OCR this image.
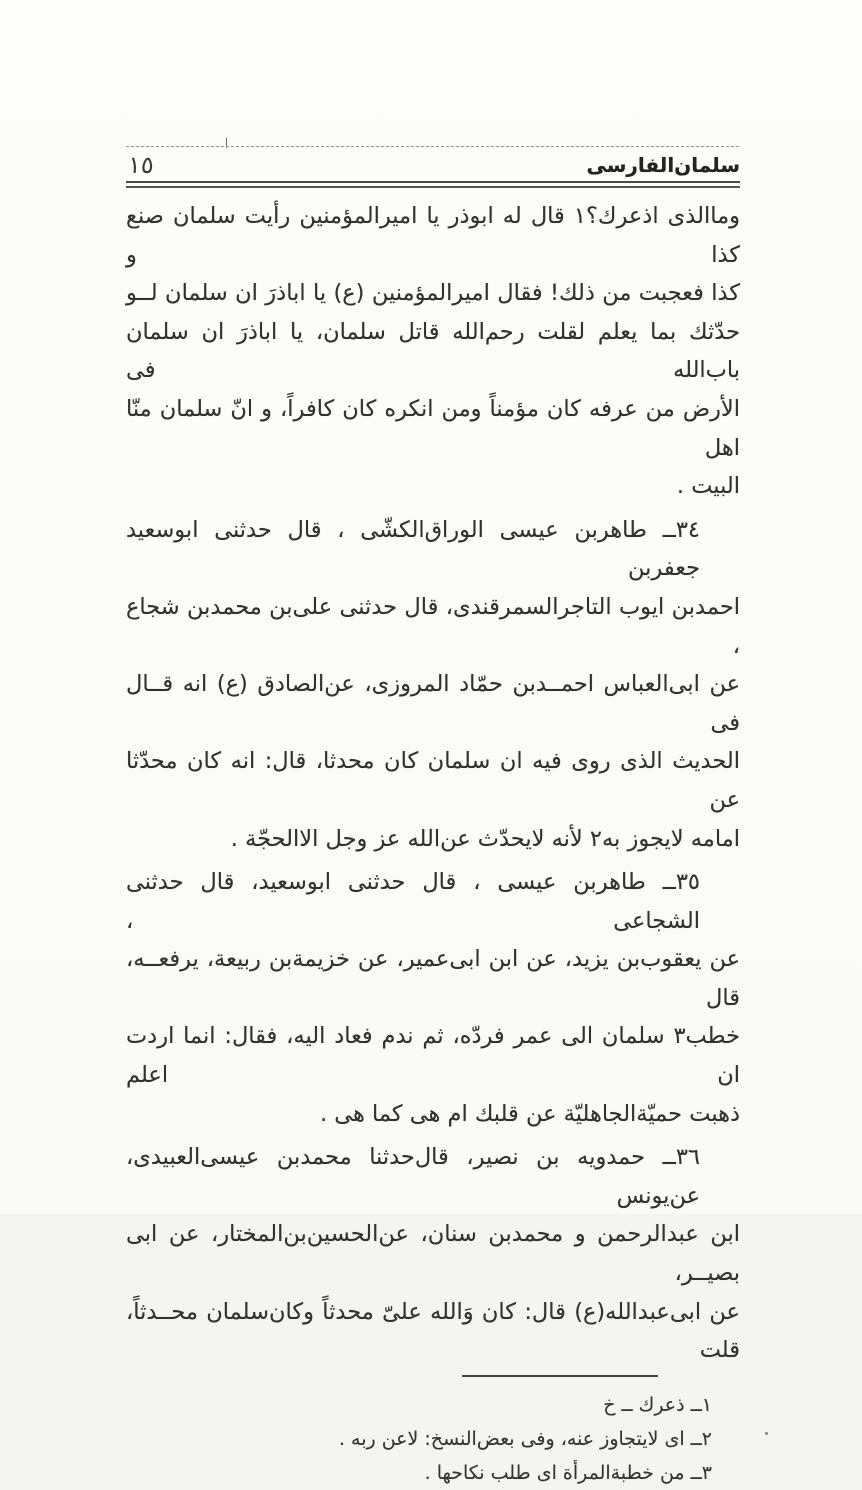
١٥	سلمان‌الفارسى
وماالذى اذعرك؟١ قال له ابوذر يا اميرالمؤمنين رأيت سلمان صنع كذا و
كذا فعجبت من ذلك! فقال اميرالمؤمنين (ع) يا اباذرَ ان سلمان لــو
حدّثك بما يعلم لقلت رحم‌الله قاتل سلمان، يا اباذرَ ان سلمان باب‌الله فى
الأرض من عرفه كان مؤمناً ومن انكره كان كافراً، و انّ سلمان منّا اهل
البيت .
٣٤ــ طاهربن عيسى الوراق‌الكشّى ، قال حدثنى ابوسعيد جعفربن
احمدبن ايوب التاجرالسمرقندى، قال حدثنى على‌بن محمدبن شجاع ،
عن ابى‌العباس احمــدبن حمّاد المروزى، عن‌الصادق (ع) انه قــال فى
الحديث الذى روى فيه ان سلمان كان محدثا، قال: انه كان محدّثا عن
امامه لايجوز به٢ لأنه لايحدّث عن‌الله عز وجل الاالحجّة .
٣٥ــ طاهربن عيسى ، قال حدثنى ابوسعيد، قال حدثنى الشجاعى ،
عن يعقوب‌بن يزيد، عن ابن ابى‌عمير، عن خزيمة‌بن ربيعة، يرفعــه، قال
خطب٣ سلمان الى عمر فردّه، ثم ندم فعاد اليه، فقال: انما اردت ان اعلم
ذهبت حميّة‌الجاهليّة عن قلبك ام هى كما هى .
٣٦ــ حمدويه بن نصير، قال‌حدثنا محمدبن عيسى‌العبيدى، عن‌يونس
ابن عبدالرحمن و محمدبن سنان، عن‌الحسين‌بن‌المختار، عن ابى بصيــر،
عن ابى‌عبدالله(ع) قال: كان وَالله علىّ محدثاً وكان‌سلمان محــدثاً، قلت
١ــ ذعرك ــ خ
٢ــ اى لايتجاوز عنه، وفى بعض‌النسخ: لاعن ربه .
٣ــ من خطبة‌المرأة اى طلب نكاحها .
